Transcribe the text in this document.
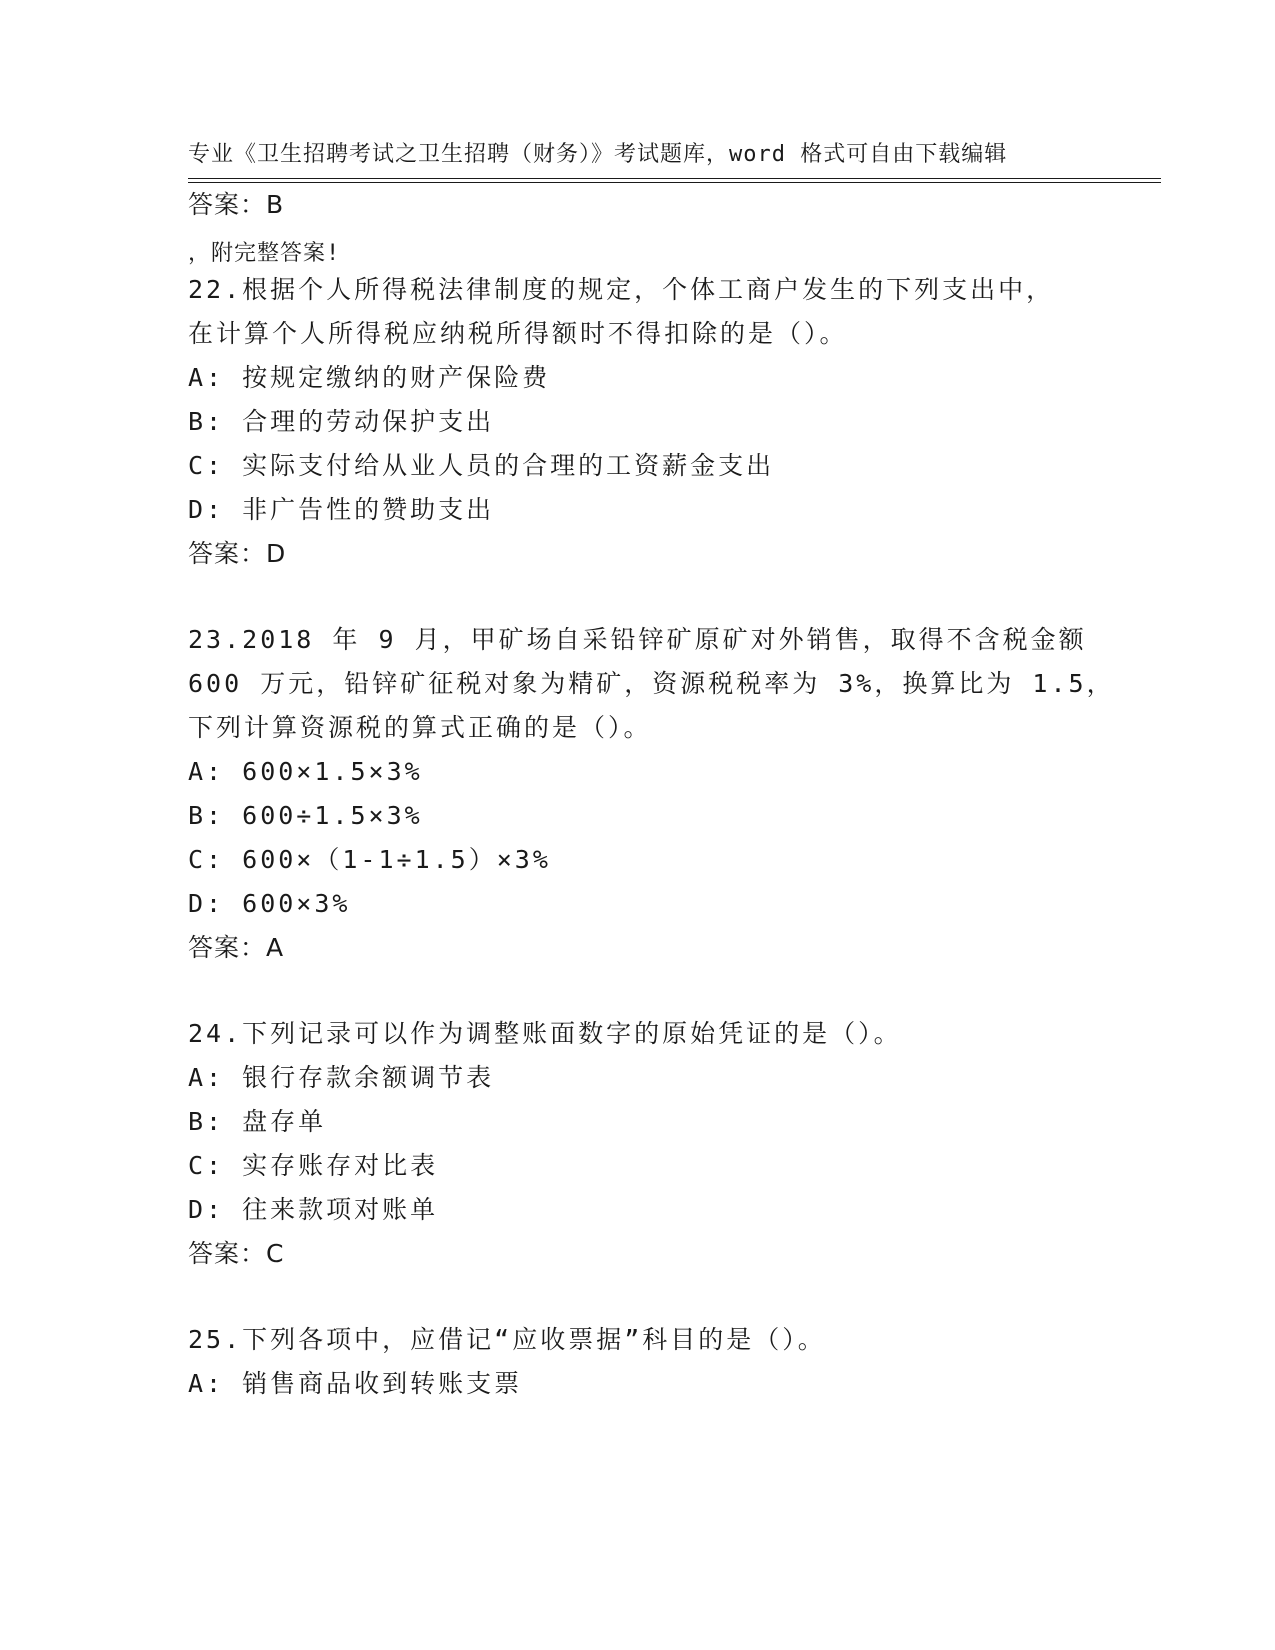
专业《卫生招聘考试之卫生招聘（财务）》考试题库，word 格式可自由下载编辑

，附完整答案!

答案：B
22.根据个人所得税法律制度的规定，个体工商户发生的下列支出中，
在计算个人所得税应纳税所得额时不得扣除的是（）。
A: 按规定缴纳的财产保险费
B: 合理的劳动保护支出
C: 实际支付给从业人员的合理的工资薪金支出
D: 非广告性的赞助支出
答案：D
23.2018 年 9 月，甲矿场自采铅锌矿原矿对外销售，取得不含税金额
600 万元，铅锌矿征税对象为精矿，资源税税率为 3%，换算比为 1.5，
下列计算资源税的算式正确的是（）。
A: 600×1.5×3%
B: 600÷1.5×3%
C: 600×（1-1÷1.5）×3%
D: 600×3%
答案：A
24.下列记录可以作为调整账面数字的原始凭证的是（）。
A: 银行存款余额调节表
B: 盘存单
C: 实存账存对比表
D: 往来款项对账单
答案：C
25.下列各项中，应借记“应收票据”科目的是（）。
A: 销售商品收到转账支票
